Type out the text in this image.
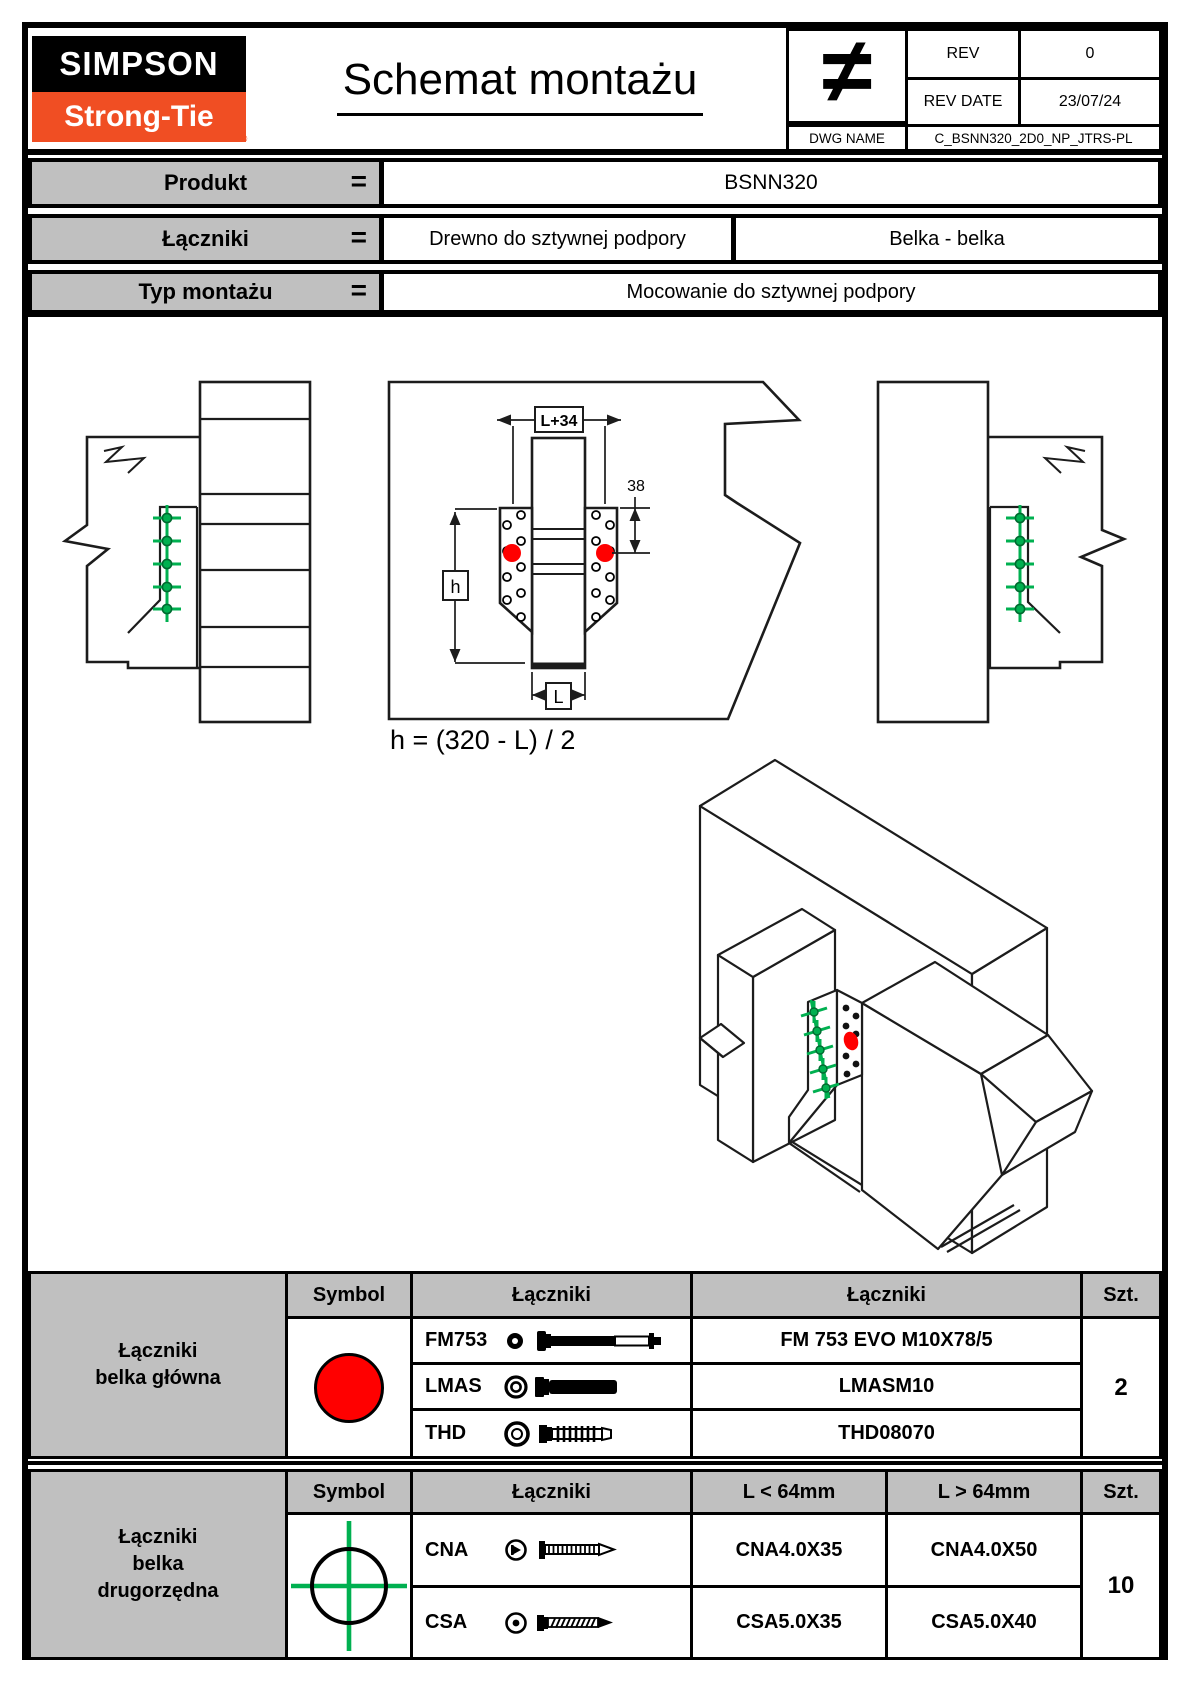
SIMPSON
Strong-Tie
®
Schemat montażu ≠	REV	0
REV DATE	23/07/24
DWG NAME	C_BSNN320_2D0_NP_JTRS-PL
Produkt	=	BSNN320
Łączniki	=	Drewno do sztywnej podpory	Belka - belka
Typ montażu	=	Mocowanie do sztywnej podpory
L+34
38
h
L
h = (320 - L) / 2
Łączniki
belka główna
Symbol	Łączniki	Łączniki	Szt.
FM753	FM 753 EVO M10X78/5
LMAS	LMASM10
THD	THD08070
2
Łączniki
belka
drugorzędna
Symbol	Łączniki	L < 64mm	L > 64mm	Szt.
CNA	CNA4.0X35	CNA4.0X50
CSA	CSA5.0X35	CSA5.0X40
10
